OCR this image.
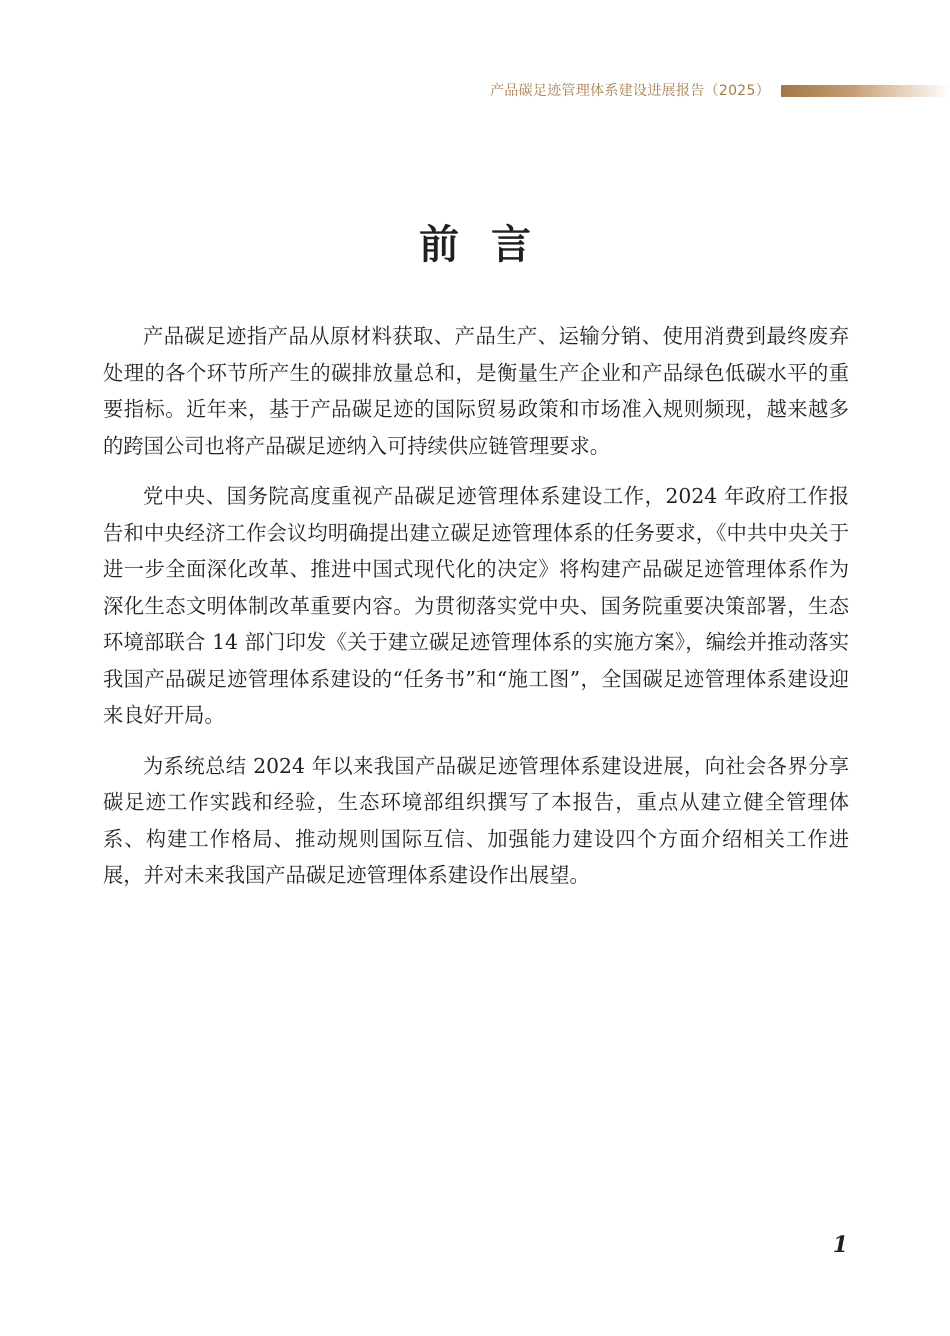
产品碳足迹管理体系建设进展报告（2025）
前言

产品碳足迹指产品从原材料获取、产品生产、运输分销、使用消费到最终废弃处理的各个环节所产生的碳排放量总和，是衡量生产企业和产品绿色低碳水平的重要指标。近年来，基于产品碳足迹的国际贸易政策和市场准入规则频现，越来越多的跨国公司也将产品碳足迹纳入可持续供应链管理要求。

党中央、国务院高度重视产品碳足迹管理体系建设工作，2024 年政府工作报告和中央经济工作会议均明确提出建立碳足迹管理体系的任务要求，《中共中央关于进一步全面深化改革、推进中国式现代化的决定》将构建产品碳足迹管理体系作为深化生态文明体制改革重要内容。为贯彻落实党中央、国务院重要决策部署，生态环境部联合 14 部门印发《关于建立碳足迹管理体系的实施方案》，编绘并推动落实我国产品碳足迹管理体系建设的“任务书”和“施工图”，全国碳足迹管理体系建设迎来良好开局。

为系统总结 2024 年以来我国产品碳足迹管理体系建设进展，向社会各界分享碳足迹工作实践和经验，生态环境部组织撰写了本报告，重点从建立健全管理体系、构建工作格局、推动规则国际互信、加强能力建设四个方面介绍相关工作进展，并对未来我国产品碳足迹管理体系建设作出展望。

1
